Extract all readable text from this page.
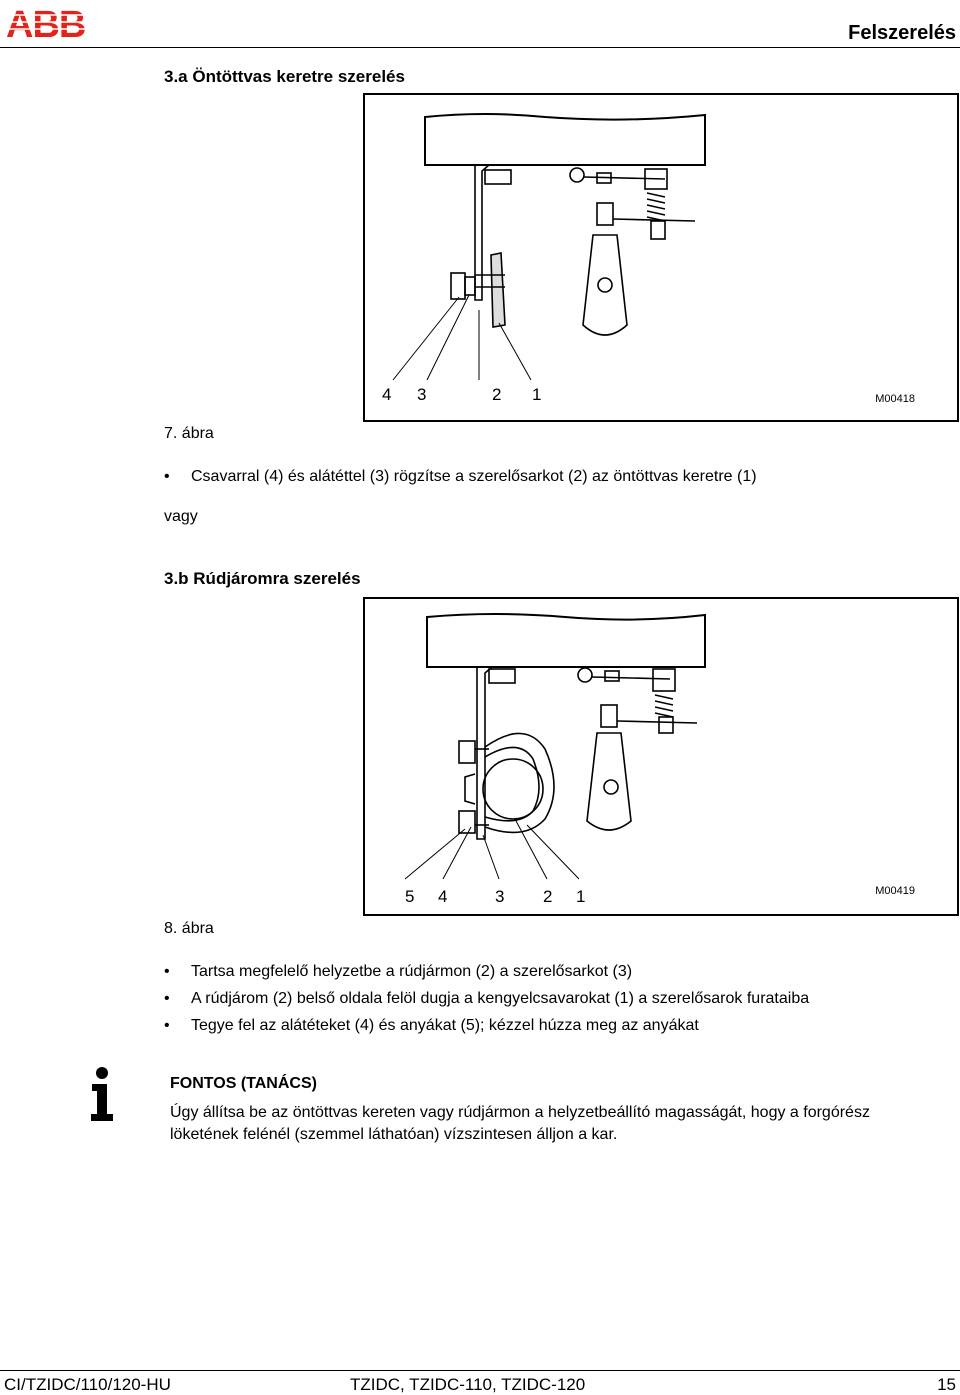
ABB	Felszerelés
3.a Öntöttvas keretre szerelés
4 3	2 1	M00418
7. ábra
• Csavarral (4) és alátéttel (3) rögzítse a szerelősarkot (2) az öntöttvas keretre (1)
vagy
3.b Rúdjáromra szerelés
5 4	3 2 1	M00419
8. ábra
• Tartsa megfelelő helyzetbe a rúdjármon (2) a szerelősarkot (3)
• A rúdjárom (2) belső oldala felöl dugja a kengyelcsavarokat (1) a szerelősarok furataiba
• Tegye fel az alátéteket (4) és anyákat (5); kézzel húzza meg az anyákat
FONTOS (TANÁCS)
Úgy állítsa be az öntöttvas kereten vagy rúdjármon a helyzetbeállító magasságát, hogy a forgórész löketének felénél (szemmel láthatóan) vízszintesen álljon a kar.
CI/TZIDC/110/120-HU	TZIDC, TZIDC-110, TZIDC-120	15
